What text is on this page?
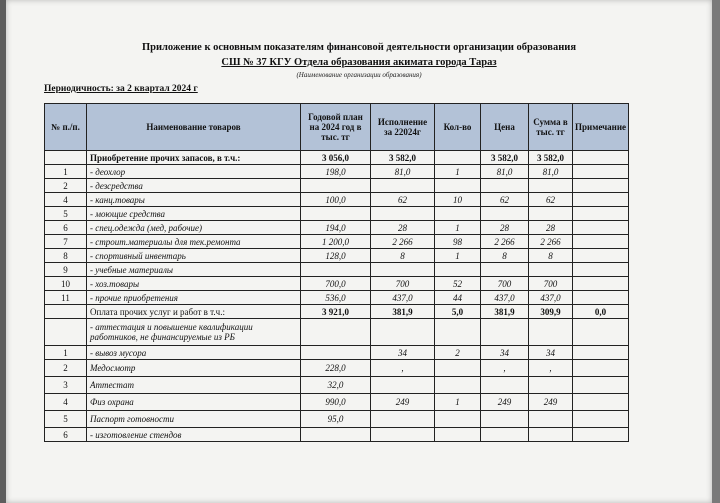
Приложение к основным показателям финансовой деятельности организации образования
СШ № 37 КГУ Отдела образования акимата города Тараз
(Наименование организации образования)
Периодичность: за 2 квартал 2024 г
№ п./п.	Наименование товаров	Годовой план на 2024 год в тыс. тг	Исполнение за 22024г	Кол-во	Цена	Сумма в тыс. тг	Примечание
	Приобретение прочих запасов, в т.ч.:	3 056,0	3 582,0		3 582,0	3 582,0	
1	- деохлор	198,0	81,0	1	81,0	81,0	
2	- дезсредства						
4	- канц.товары	100,0	62	10	62	62	
5	- моющие средства						
6	- спец.одежда (мед, рабочие)	194,0	28	1	28	28	
7	- строит.материалы для тек.ремонта	1 200,0	2 266	98	2 266	2 266	
8	- спортивный инвентарь	128,0	8	1	8	8	
9	- учебные материалы						
10	- хоз.товары	700,0	700	52	700	700	
11	- прочие приобретения	536,0	437,0	44	437,0	437,0	
	Оплата прочих услуг и работ в т.ч.:	3 921,0	381,9	5,0	381,9	309,9	0,0
	- аттестация и повышение квалификации работников, не финансируемые из РБ						
1	- вывоз мусора		34	2	34	34	
2	Медосмотр	228,0	,		,	,	
3	Аттестат	32,0					
4	Физ охрана	990,0	249	1	249	249	
5	Паспорт готовности	95,0					
6	- изготовление стендов						
